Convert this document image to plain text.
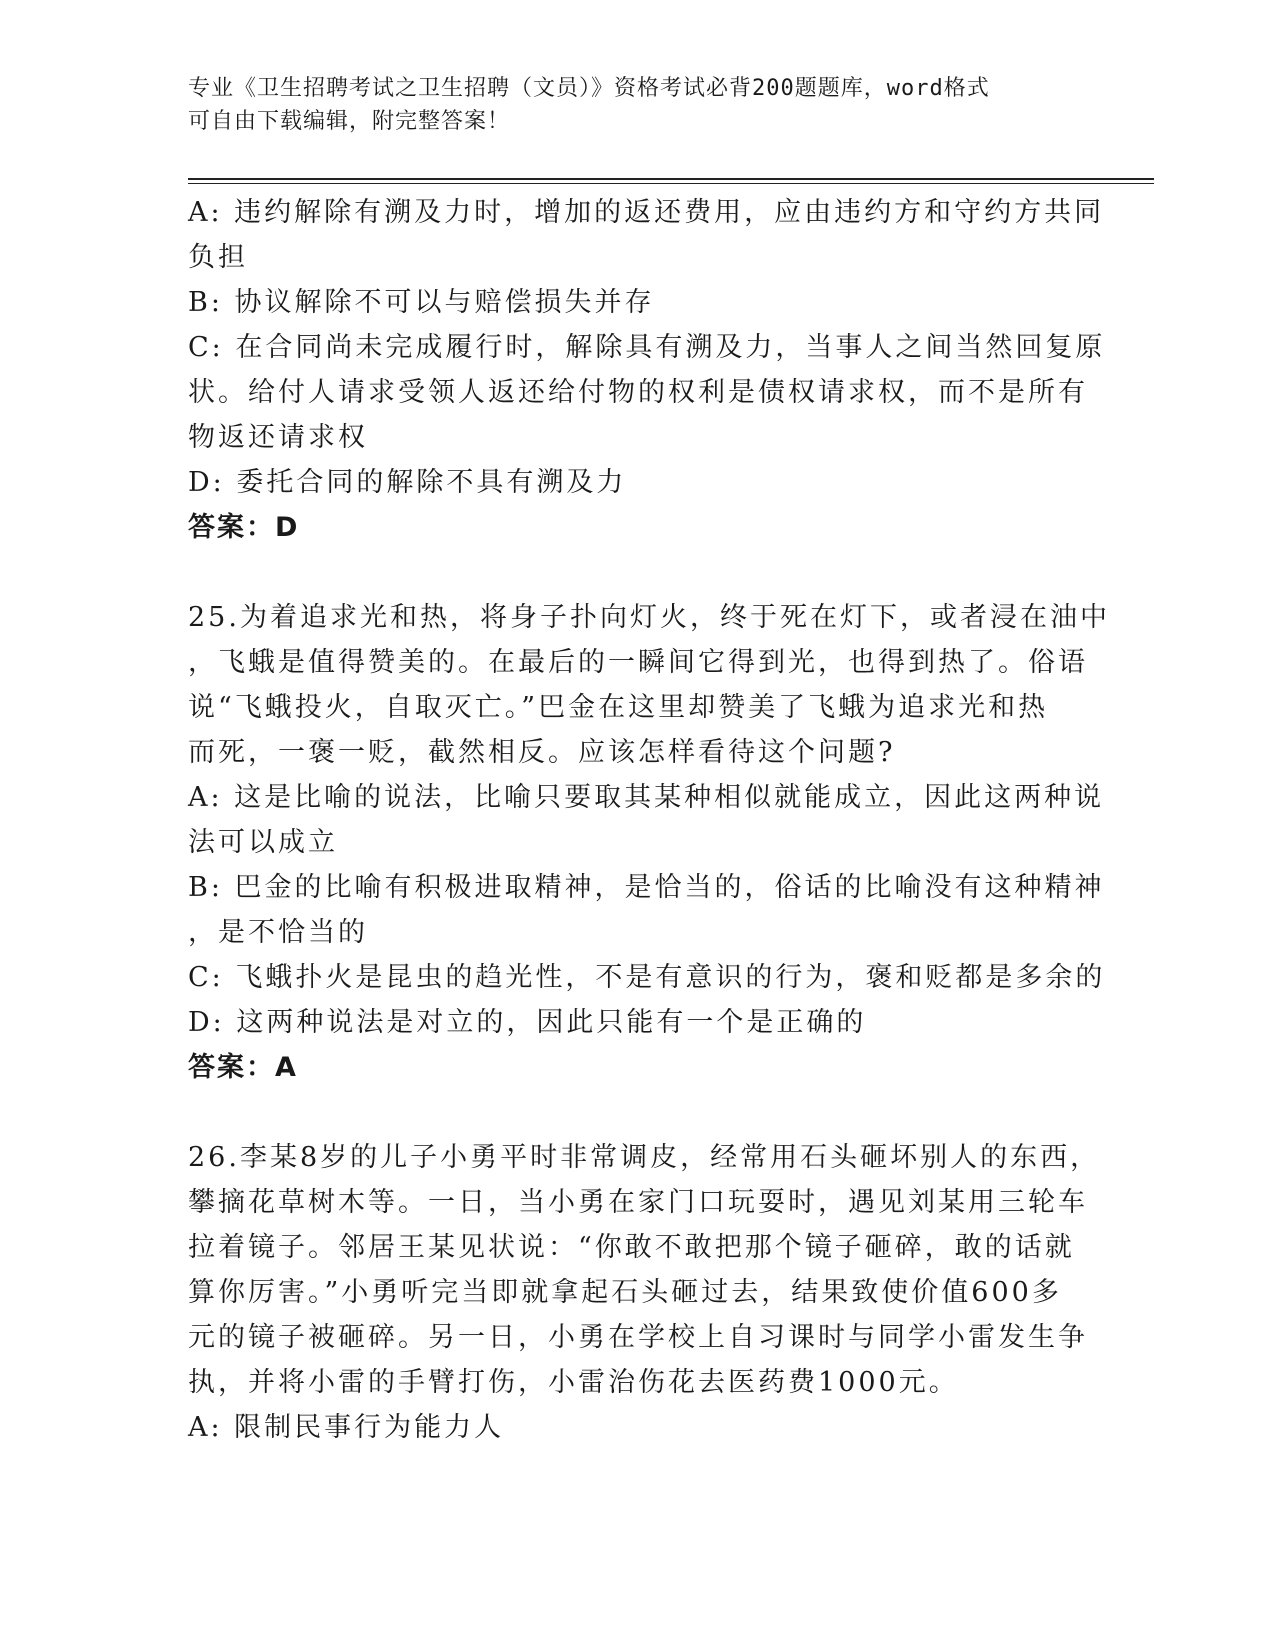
专业《卫生招聘考试之卫生招聘（文员）》资格考试必背200题题库，word格式
可自由下载编辑，附完整答案！
A: 违约解除有溯及力时，增加的返还费用，应由违约方和守约方共同
负担
B: 协议解除不可以与赔偿损失并存
C: 在合同尚未完成履行时，解除具有溯及力，当事人之间当然回复原
状。给付人请求受领人返还给付物的权利是债权请求权，而不是所有
物返还请求权
D: 委托合同的解除不具有溯及力
答案：D
25.为着追求光和热，将身子扑向灯火，终于死在灯下，或者浸在油中
，飞蛾是值得赞美的。在最后的一瞬间它得到光，也得到热了。俗语
说“飞蛾投火，自取灭亡。”巴金在这里却赞美了飞蛾为追求光和热
而死，一褒一贬，截然相反。应该怎样看待这个问题?
A: 这是比喻的说法，比喻只要取其某种相似就能成立，因此这两种说
法可以成立
B: 巴金的比喻有积极进取精神，是恰当的，俗话的比喻没有这种精神
，是不恰当的
C: 飞蛾扑火是昆虫的趋光性，不是有意识的行为，褒和贬都是多余的
D: 这两种说法是对立的，因此只能有一个是正确的
答案：A
26.李某8岁的儿子小勇平时非常调皮，经常用石头砸坏别人的东西，
攀摘花草树木等。一日，当小勇在家门口玩耍时，遇见刘某用三轮车
拉着镜子。邻居王某见状说：“你敢不敢把那个镜子砸碎，敢的话就
算你厉害。”小勇听完当即就拿起石头砸过去，结果致使价值600多
元的镜子被砸碎。另一日，小勇在学校上自习课时与同学小雷发生争
执，并将小雷的手臂打伤，小雷治伤花去医药费1000元。
A: 限制民事行为能力人
